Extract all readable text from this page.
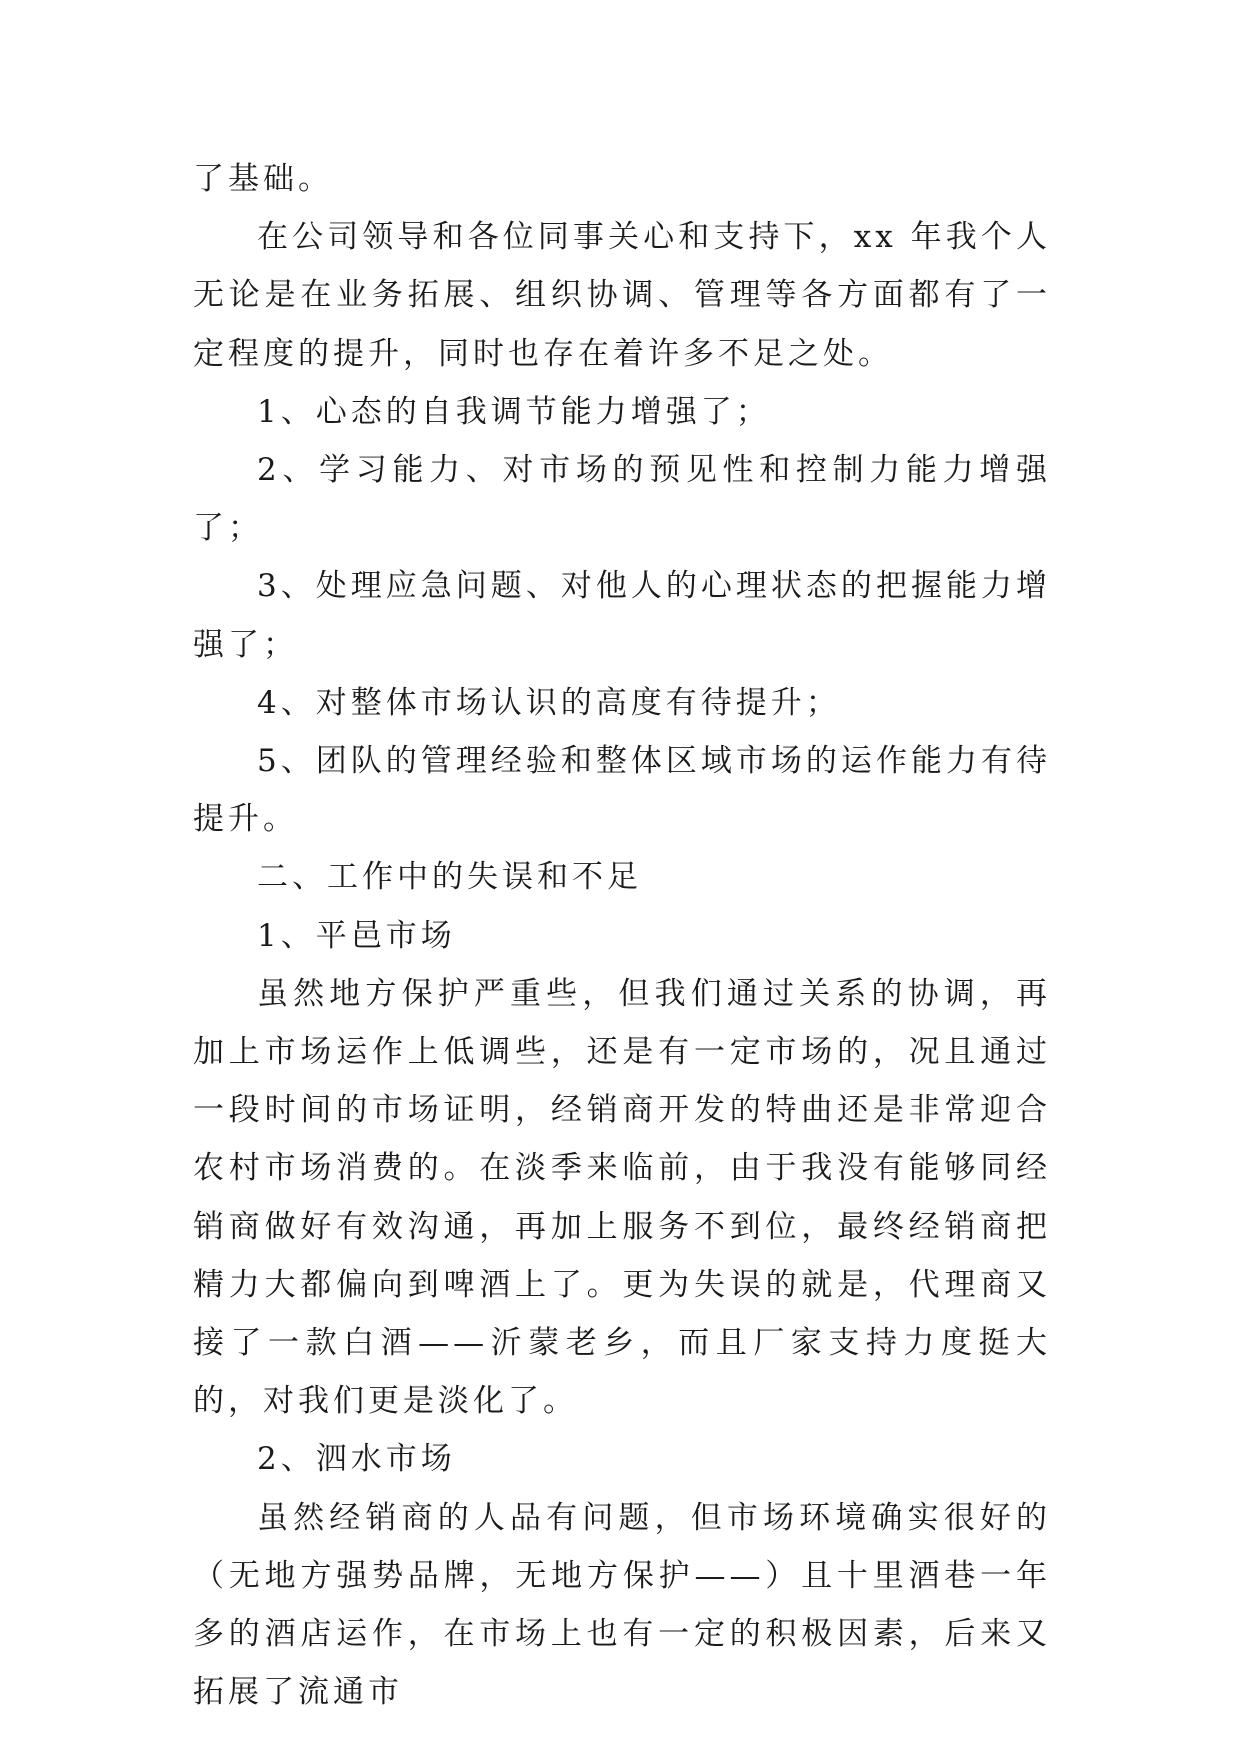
了基础。

在公司领导和各位同事关心和支持下，xx 年我个人无论是在业务拓展、组织协调、管理等各方面都有了一定程度的提升，同时也存在着许多不足之处。

1、心态的自我调节能力增强了；

2、学习能力、对市场的预见性和控制力能力增强了；

3、处理应急问题、对他人的心理状态的把握能力增强了；

4、对整体市场认识的高度有待提升；

5、团队的管理经验和整体区域市场的运作能力有待提升。

二、工作中的失误和不足

1、平邑市场

虽然地方保护严重些，但我们通过关系的协调，再加上市场运作上低调些，还是有一定市场的，况且通过一段时间的市场证明，经销商开发的特曲还是非常迎合农村市场消费的。在淡季来临前，由于我没有能够同经销商做好有效沟通，再加上服务不到位，最终经销商把精力大都偏向到啤酒上了。更为失误的就是，代理商又接了一款白酒——沂蒙老乡，而且厂家支持力度挺大的，对我们更是淡化了。

2、泗水市场

虽然经销商的人品有问题，但市场环境确实很好的（无地方强势品牌，无地方保护——）且十里酒巷一年多的酒店运作，在市场上也有一定的积极因素，后来又拓展了流通市
